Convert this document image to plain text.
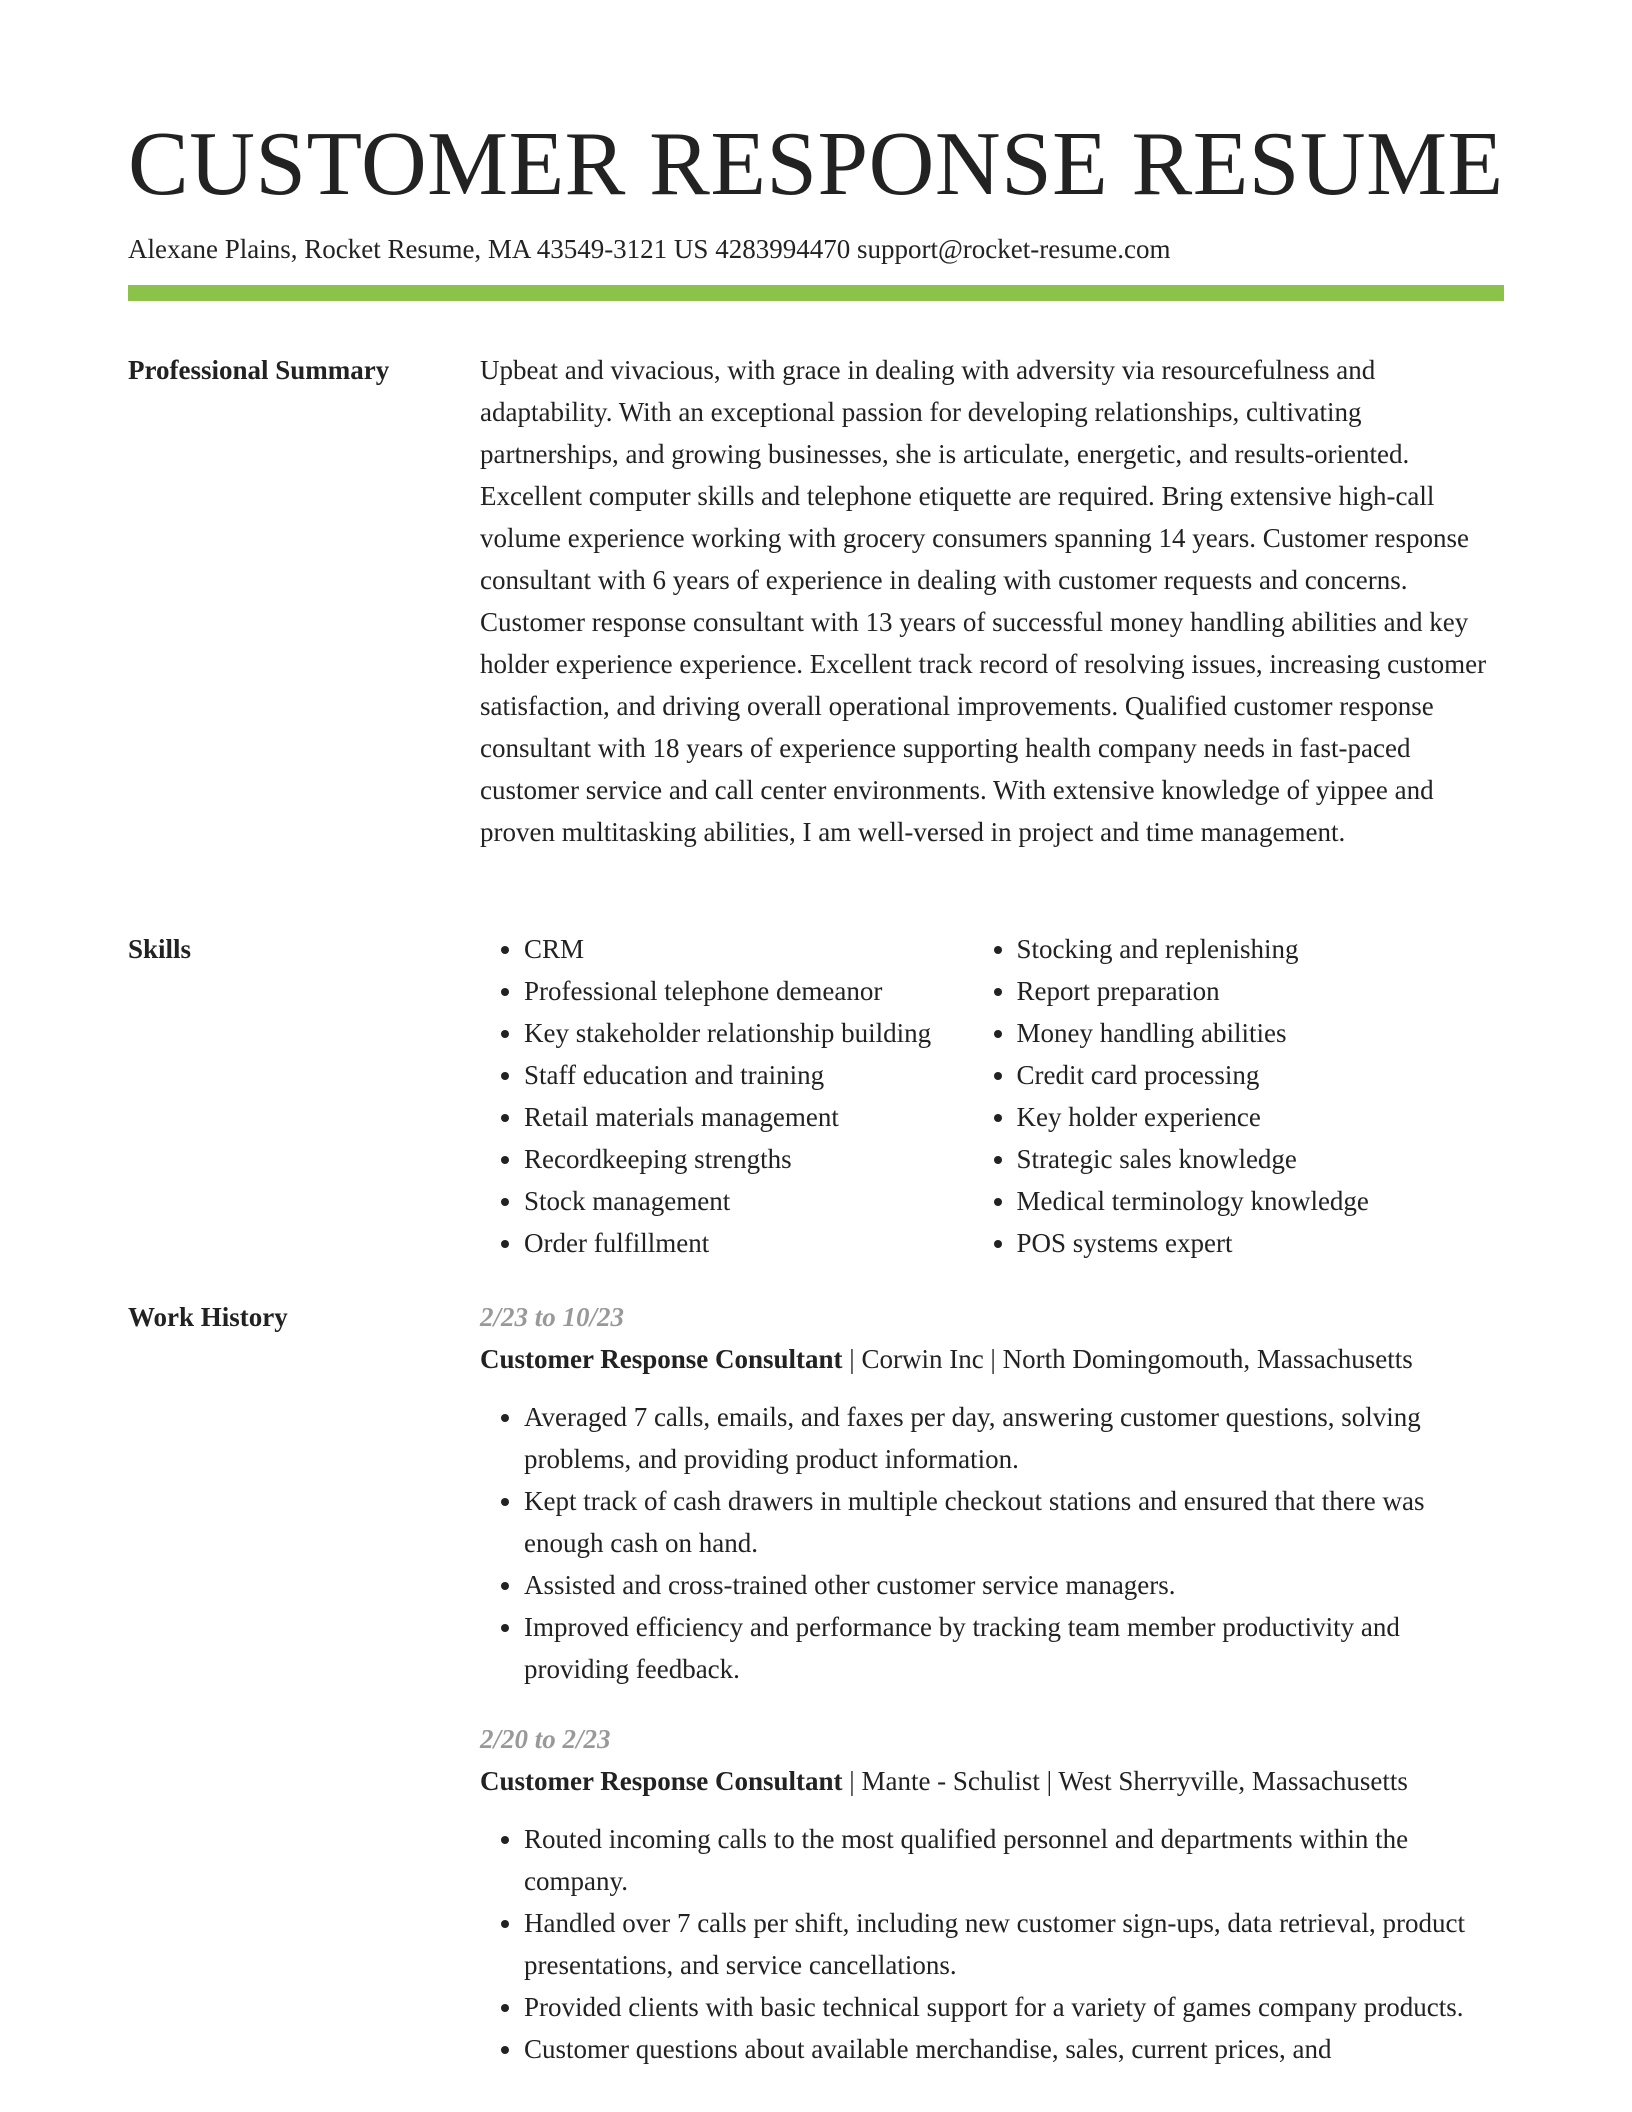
CUSTOMER RESPONSE RESUME
Alexane Plains, Rocket Resume, MA 43549-3121 US 4283994470 support@rocket-resume.com
Professional Summary	Upbeat and vivacious, with grace in dealing with adversity via resourcefulness and adaptability. With an exceptional passion for developing relationships, cultivating partnerships, and growing businesses, she is articulate, energetic, and results-oriented. Excellent computer skills and telephone etiquette are required. Bring extensive high-call volume experience working with grocery consumers spanning 14 years. Customer response consultant with 6 years of experience in dealing with customer requests and concerns. Customer response consultant with 13 years of successful money handling abilities and key holder experience experience. Excellent track record of resolving issues, increasing customer satisfaction, and driving overall operational improvements. Qualified customer response consultant with 18 years of experience supporting health company needs in fast-paced customer service and call center environments. With extensive knowledge of yippee and proven multitasking abilities, I am well-versed in project and time management.

Skills
•	CRM
• Professional telephone demeanor
• Key stakeholder relationship building
• Staff education and training
• Retail materials management
• Recordkeeping strengths
• Stock management
• Order fulfillment
• Stocking and replenishing
• Report preparation
• Money handling abilities
• Credit card processing
• Key holder experience
• Strategic sales knowledge
• Medical terminology knowledge
• POS systems expert
Work History	2/23 to 10/23
Customer Response Consultant | Corwin Inc | North Domingomouth, Massachusetts
• Averaged 7 calls, emails, and faxes per day, answering customer questions, solving problems, and providing product information.
• Kept track of cash drawers in multiple checkout stations and ensured that there was enough cash on hand.
• Assisted and cross-trained other customer service managers.
• Improved efficiency and performance by tracking team member productivity and providing feedback.
2/20 to 2/23
Customer Response Consultant | Mante - Schulist | West Sherryville, Massachusetts
• Routed incoming calls to the most qualified personnel and departments within the company.
• Handled over 7 calls per shift, including new customer sign-ups, data retrieval, product presentations, and service cancellations.
• Provided clients with basic technical support for a variety of games company products.
• Customer questions about available merchandise, sales, current prices, and
